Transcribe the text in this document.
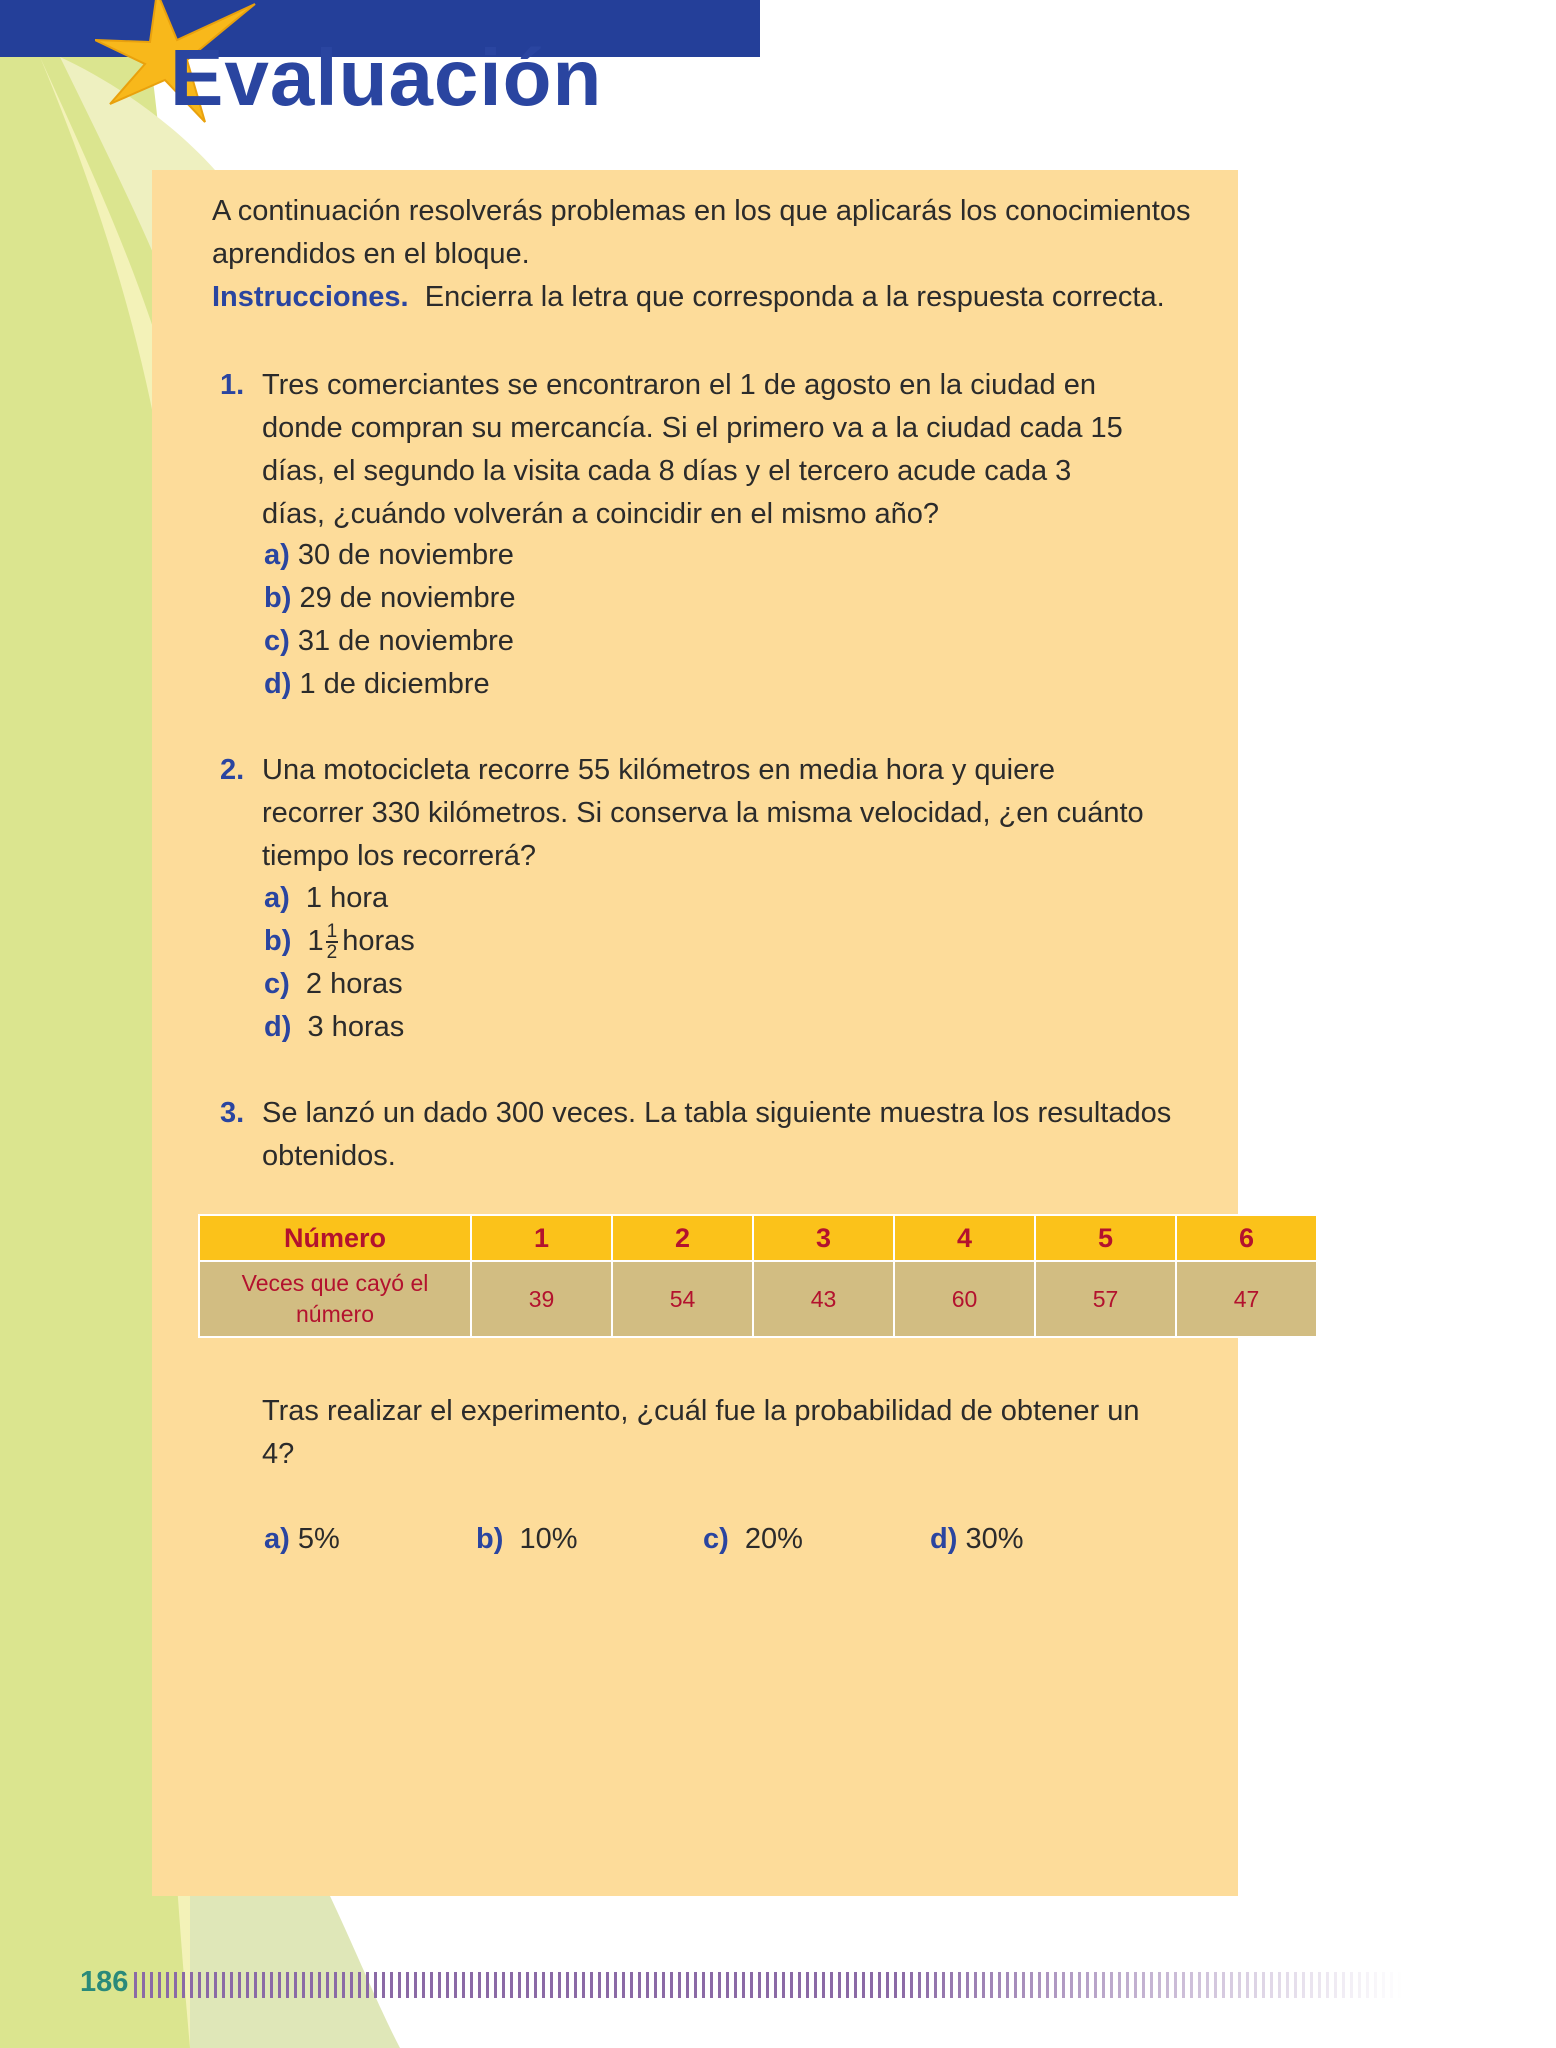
Evaluación
A continuación resolverás problemas en los que aplicarás los conocimientos aprendidos en el bloque.
Instrucciones. Encierra la letra que corresponda a la respuesta correcta.
1. Tres comerciantes se encontraron el 1 de agosto en la ciudad en donde compran su mercancía. Si el primero va a la ciudad cada 15 días, el segundo la visita cada 8 días y el tercero acude cada 3 días, ¿cuándo volverán a coincidir en el mismo año?
a) 30 de noviembre
b) 29 de noviembre
c) 31 de noviembre
d) 1 de diciembre
2. Una motocicleta recorre 55 kilómetros en media hora y quiere recorrer 330 kilómetros. Si conserva la misma velocidad, ¿en cuánto tiempo los recorrerá?
a) 1 hora
b) $1 \frac{1}{2}$ horas
c) 2 horas
d) 3 horas
3. Se lanzó un dado 300 veces. La tabla siguiente muestra los resultados obtenidos.
Número	1	2	3	4	5	6
Veces que cayó el número	39	54	43	60	57	47
Tras realizar el experimento, ¿cuál fue la probabilidad de obtener un 4?
a) 5%	b) 10%	c) 20%	d) 30%
186
